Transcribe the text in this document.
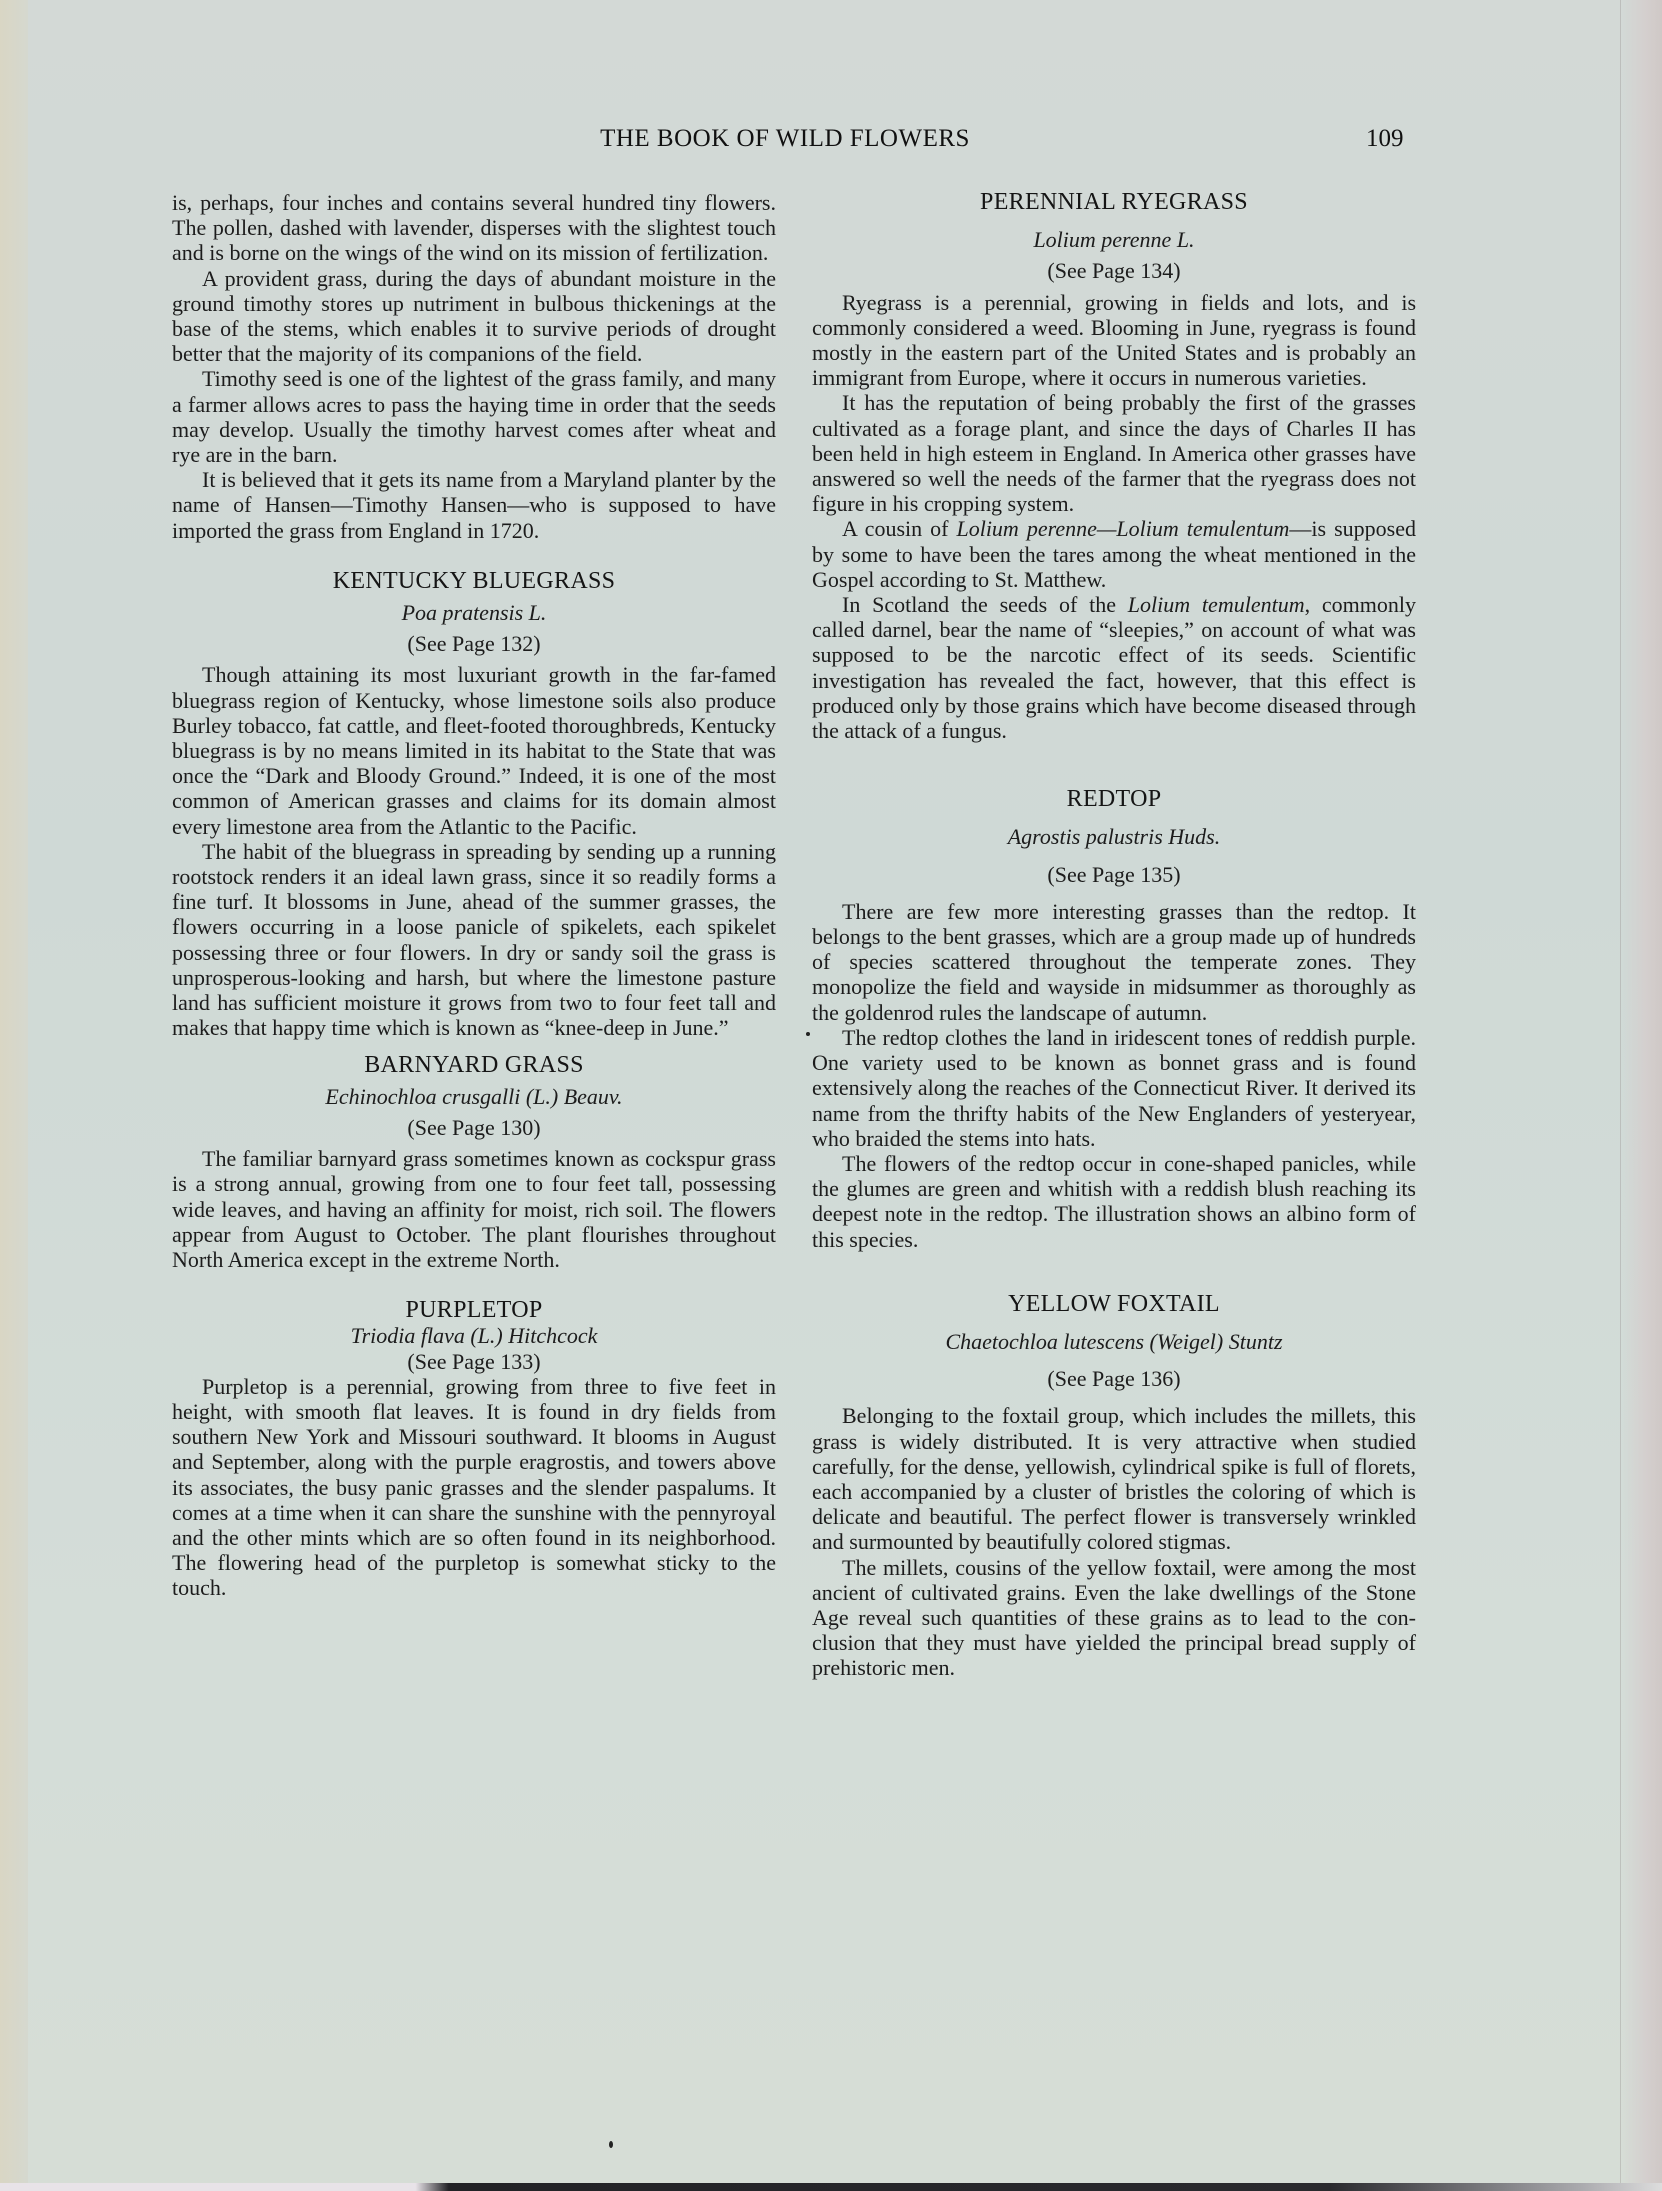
THE BOOK OF WILD FLOWERS	109

is, perhaps, four inches and contains several hundred tiny flowers. The pollen, dashed with lavender, disperses with the slightest touch and is borne on the wings of the wind on its mission of fertilization.

A provident grass, during the days of abundant moisture in the ground timothy stores up nutriment in bulbous thickenings at the base of the stems, which enables it to survive periods of drought better that the majority of its companions of the field.

Timothy seed is one of the lightest of the grass family, and many a farmer allows acres to pass the haying time in order that the seeds may develop. Usually the timothy harvest comes after wheat and rye are in the barn.

It is believed that it gets its name from a Maryland planter by the name of Hansen—Timothy Hansen—who is supposed to have imported the grass from England in 1720.

KENTUCKY BLUEGRASS

Poa pratensis L.

(See Page 132)

Though attaining its most luxuriant growth in the far-famed bluegrass region of Kentucky, whose limestone soils also produce Burley tobacco, fat cattle, and fleet-footed thoroughbreds, Kentucky bluegrass is by no means limited in its habitat to the State that was once the “Dark and Bloody Ground.” Indeed, it is one of the most common of American grasses and claims for its domain almost every limestone area from the Atlantic to the Pacific.

The habit of the bluegrass in spreading by sending up a running rootstock renders it an ideal lawn grass, since it so readily forms a fine turf. It blossoms in June, ahead of the summer grasses, the flowers occurring in a loose panicle of spikelets, each spikelet possessing three or four flowers. In dry or sandy soil the grass is unprosperous-looking and harsh, but where the limestone pasture land has sufficient moisture it grows from two to four feet tall and makes that happy time which is known as “knee-deep in June.”

BARNYARD GRASS

Echinochloa crusgalli (L.) Beauv.

(See Page 130)

The familiar barnyard grass sometimes known as cockspur grass is a strong annual, growing from one to four feet tall, possessing wide leaves, and having an affinity for moist, rich soil. The flowers appear from August to October. The plant flourishes throughout North America except in the extreme North.

PURPLETOP

Triodia flava (L.) Hitchcock

(See Page 133)

Purpletop is a perennial, growing from three to five feet in height, with smooth flat leaves. It is found in dry fields from southern New York and Missouri southward. It blooms in August and September, along with the purple eragrostis, and towers above its associates, the busy panic grasses and the slender paspalums. It comes at a time when it can share the sunshine with the pennyroyal and the other mints which are so often found in its neighborhood. The flowering head of the purpletop is somewhat sticky to the touch.

PERENNIAL RYEGRASS

Lolium perenne L.

(See Page 134)

Ryegrass is a perennial, growing in fields and lots, and is commonly considered a weed. Blooming in June, ryegrass is found mostly in the eastern part of the United States and is probably an immigrant from Europe, where it occurs in numerous varieties.

It has the reputation of being probably the first of the grasses cultivated as a forage plant, and since the days of Charles II has been held in high esteem in England. In America other grasses have answered so well the needs of the farmer that the ryegrass does not figure in his cropping system.

A cousin of Lolium perenne—Lolium temulentum—is supposed by some to have been the tares among the wheat mentioned in the Gospel according to St. Matthew.

In Scotland the seeds of the Lolium temulentum, commonly called darnel, bear the name of “sleepies,” on account of what was supposed to be the narcotic effect of its seeds. Scientific investigation has revealed the fact, however, that this effect is produced only by those grains which have become diseased through the attack of a fungus.

REDTOP

Agrostis palustris Huds.

(See Page 135)

There are few more interesting grasses than the redtop. It belongs to the bent grasses, which are a group made up of hundreds of species scattered throughout the temperate zones. They monopolize the field and wayside in midsummer as thoroughly as the goldenrod rules the landscape of autumn.

The redtop clothes the land in iridescent tones of reddish purple. One variety used to be known as bonnet grass and is found extensively along the reaches of the Connecticut River. It derived its name from the thrifty habits of the New Englanders of yesteryear, who braided the stems into hats.

The flowers of the redtop occur in cone-shaped panicles, while the glumes are green and whitish with a reddish blush reaching its deepest note in the redtop. The illustration shows an albino form of this species.

YELLOW FOXTAIL

Chaetochloa lutescens (Weigel) Stuntz

(See Page 136)

Belonging to the foxtail group, which includes the millets, this grass is widely distributed. It is very attractive when studied carefully, for the dense, yellowish, cylindrical spike is full of florets, each accompanied by a cluster of bristles the coloring of which is delicate and beautiful. The perfect flower is transversely wrinkled and surmounted by beautifully colored stigmas.

The millets, cousins of the yellow foxtail, were among the most ancient of cultivated grains. Even the lake dwellings of the Stone Age reveal such quantities of these grains as to lead to the conclusion that they must have yielded the principal bread supply of prehistoric men.
